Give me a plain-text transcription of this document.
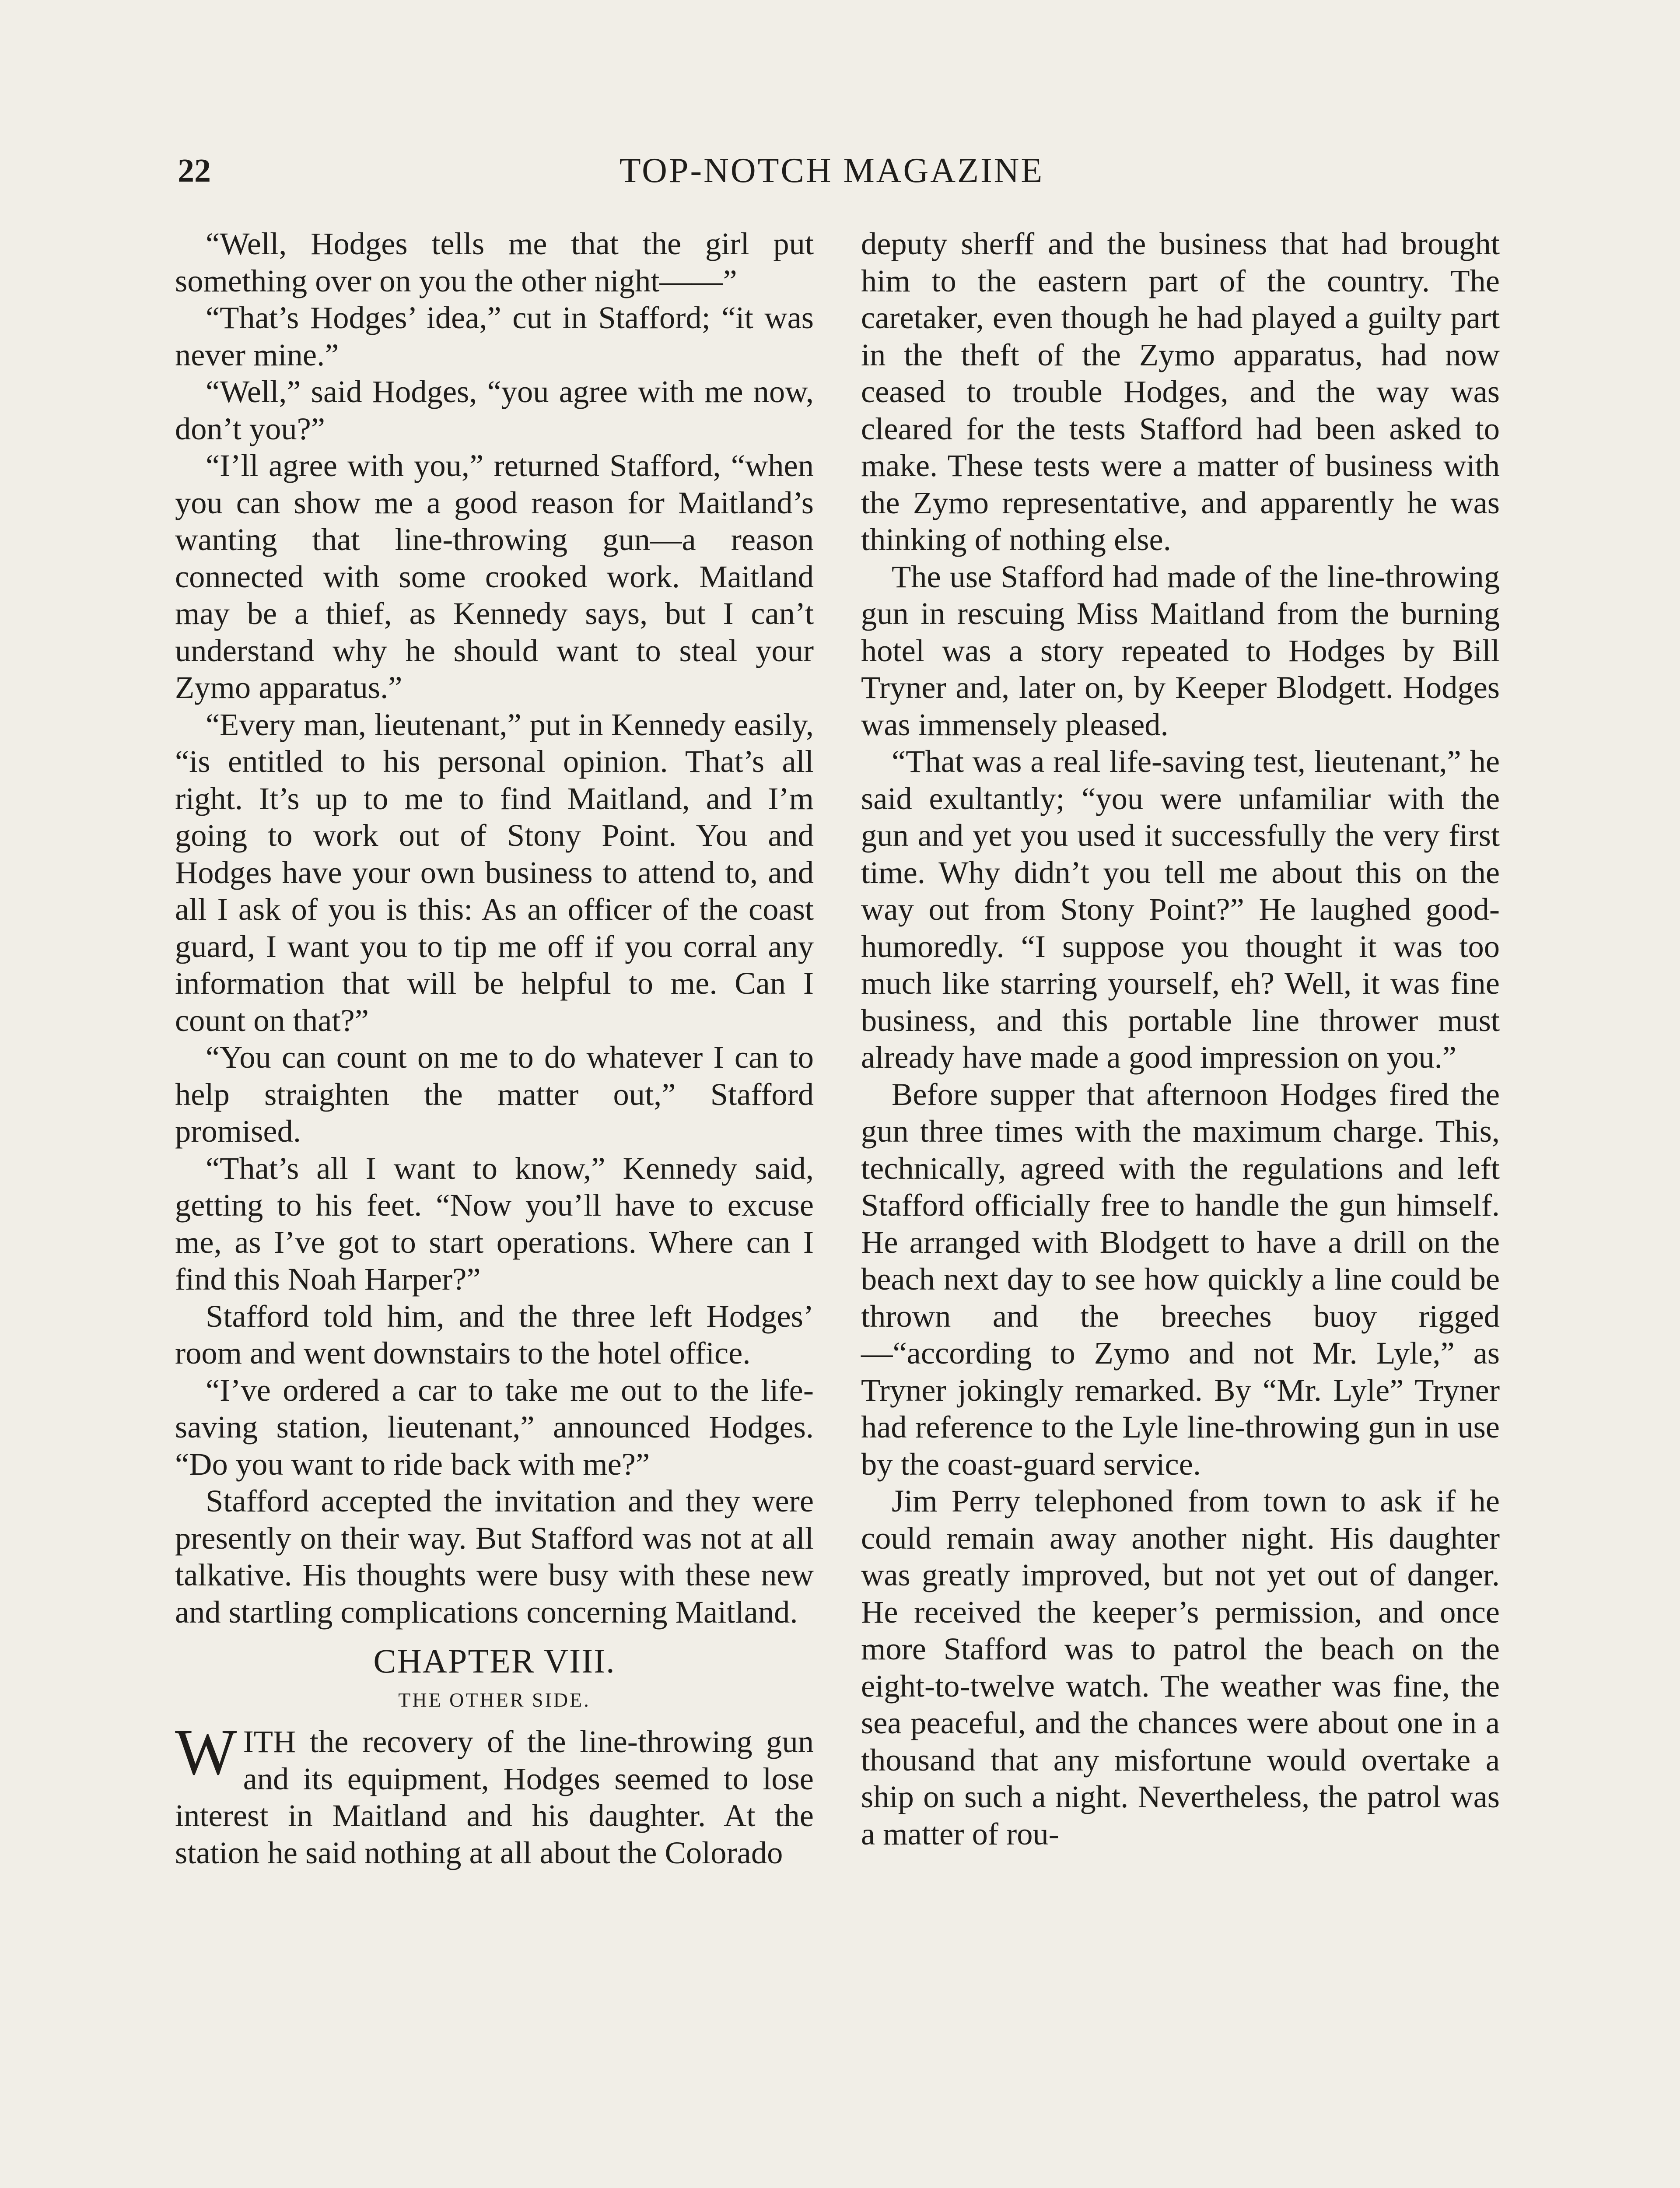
22	TOP-NOTCH MAGAZINE

“Well, Hodges tells me that the girl put something over on you the other night——”

“That’s Hodges’ idea,” cut in Stafford; “it was never mine.”

“Well,” said Hodges, “you agree with me now, don’t you?”

“I’ll agree with you,” returned Stafford, “when you can show me a good reason for Maitland’s wanting that line-throwing gun—a reason connected with some crooked work. Maitland may be a thief, as Kennedy says, but I can’t understand why he should want to steal your Zymo apparatus.”

“Every man, lieutenant,” put in Kennedy easily, “is entitled to his personal opinion. That’s all right. It’s up to me to find Maitland, and I’m going to work out of Stony Point. You and Hodges have your own business to attend to, and all I ask of you is this: As an officer of the coast guard, I want you to tip me off if you corral any information that will be helpful to me. Can I count on that?”

“You can count on me to do whatever I can to help straighten the matter out,” Stafford promised.

“That’s all I want to know,” Kennedy said, getting to his feet. “Now you’ll have to excuse me, as I’ve got to start operations. Where can I find this Noah Harper?”

Stafford told him, and the three left Hodges’ room and went downstairs to the hotel office.

“I’ve ordered a car to take me out to the life-saving station, lieutenant,” announced Hodges. “Do you want to ride back with me?”

Stafford accepted the invitation and they were presently on their way. But Stafford was not at all talkative. His thoughts were busy with these new and startling complications concerning Maitland.

CHAPTER VIII.
THE OTHER SIDE.

WITH the recovery of the line-throwing gun and its equipment, Hodges seemed to lose interest in Maitland and his daughter. At the station he said nothing at all about the Colorado

deputy sherff and the business that had brought him to the eastern part of the country. The caretaker, even though he had played a guilty part in the theft of the Zymo apparatus, had now ceased to trouble Hodges, and the way was cleared for the tests Stafford had been asked to make. These tests were a matter of business with the Zymo representative, and apparently he was thinking of nothing else.

The use Stafford had made of the line-throwing gun in rescuing Miss Maitland from the burning hotel was a story repeated to Hodges by Bill Tryner and, later on, by Keeper Blodgett. Hodges was immensely pleased.

“That was a real life-saving test, lieutenant,” he said exultantly; “you were unfamiliar with the gun and yet you used it successfully the very first time. Why didn’t you tell me about this on the way out from Stony Point?” He laughed good-humoredly. “I suppose you thought it was too much like starring yourself, eh? Well, it was fine business, and this portable line thrower must already have made a good impression on you.”

Before supper that afternoon Hodges fired the gun three times with the maximum charge. This, technically, agreed with the regulations and left Stafford officially free to handle the gun himself. He arranged with Blodgett to have a drill on the beach next day to see how quickly a line could be thrown and the breeches buoy rigged—“according to Zymo and not Mr. Lyle,” as Tryner jokingly remarked. By “Mr. Lyle” Tryner had reference to the Lyle line-throwing gun in use by the coast-guard service.

Jim Perry telephoned from town to ask if he could remain away another night. His daughter was greatly improved, but not yet out of danger. He received the keeper’s permission, and once more Stafford was to patrol the beach on the eight-to-twelve watch. The weather was fine, the sea peaceful, and the chances were about one in a thousand that any misfortune would overtake a ship on such a night. Nevertheless, the patrol was a matter of rou-
